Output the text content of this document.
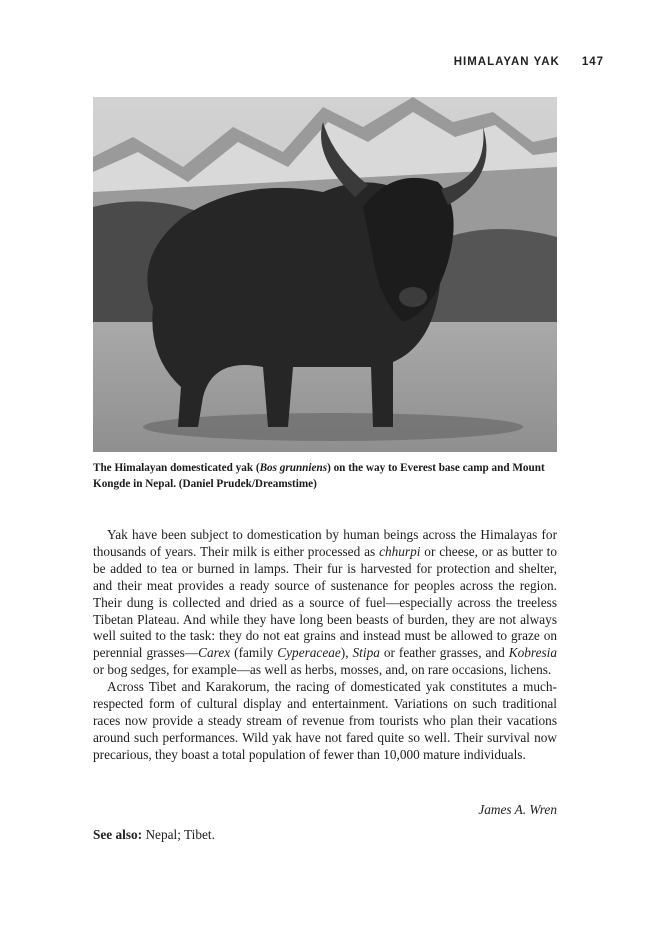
HIMALAYAN YAK 147
The Himalayan domesticated yak (Bos grunniens) on the way to Everest base camp and Mount Kongde in Nepal. (Daniel Prudek/Dreamstime)

Yak have been subject to domestication by human beings across the Himalayas for thousands of years. Their milk is either processed as chhurpi or cheese, or as butter to be added to tea or burned in lamps. Their fur is harvested for protection and shelter, and their meat provides a ready source of sustenance for peoples across the region. Their dung is collected and dried as a source of fuel—especially across the treeless Tibetan Plateau. And while they have long been beasts of burden, they are not always well suited to the task: they do not eat grains and instead must be allowed to graze on perennial grasses—Carex (family Cyperaceae), Stipa or feather grasses, and Kobresia or bog sedges, for example—as well as herbs, mosses, and, on rare occasions, lichens.

Across Tibet and Karakorum, the racing of domesticated yak constitutes a much-respected form of cultural display and entertainment. Variations on such traditional races now provide a steady stream of revenue from tourists who plan their vacations around such performances. Wild yak have not fared quite so well. Their survival now precarious, they boast a total population of fewer than 10,000 mature individuals.

James A. Wren
See also: Nepal; Tibet.
